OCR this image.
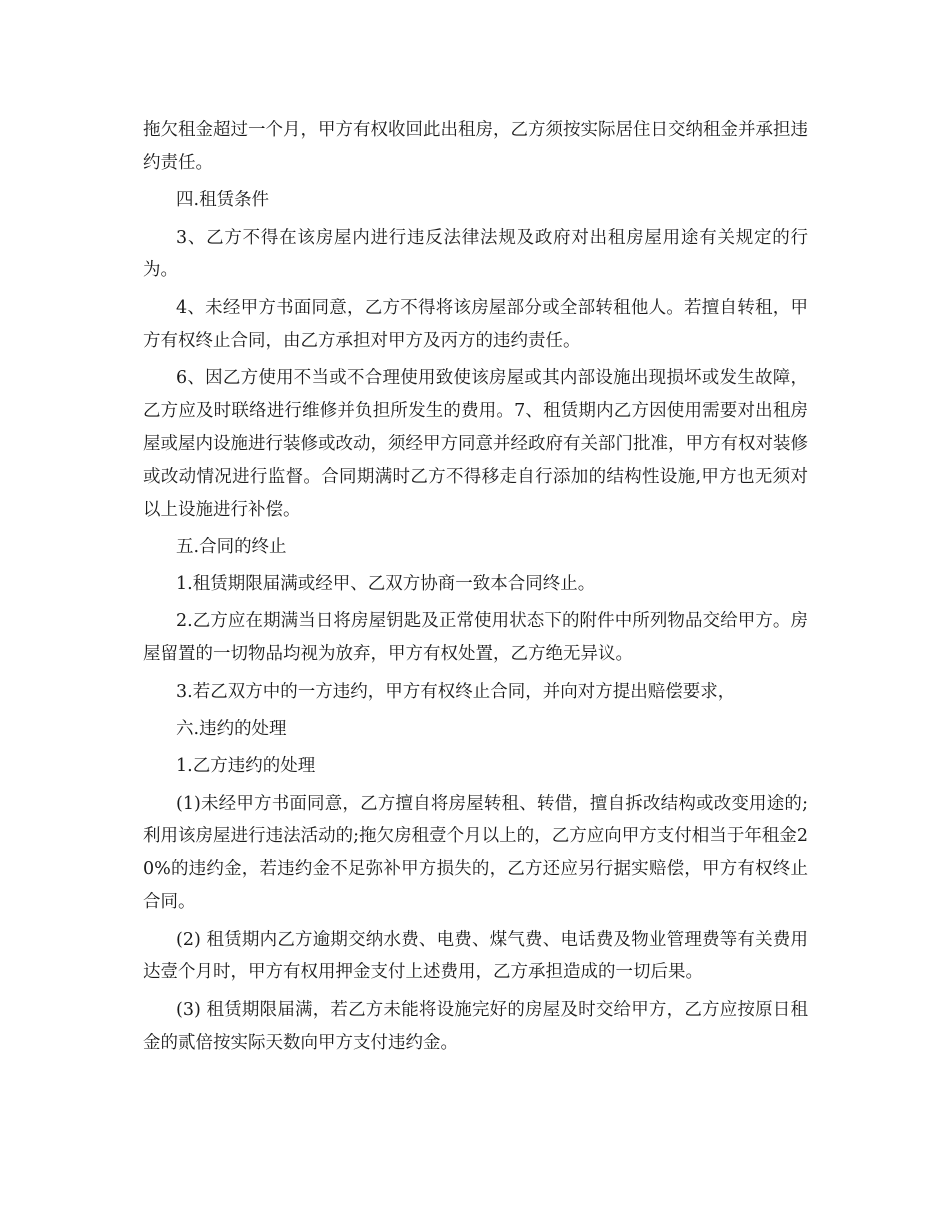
拖欠租金超过一个月，甲方有权收回此出租房，乙方须按实际居住日交纳租金并承担违约责任。

四.租赁条件

3、乙方不得在该房屋内进行违反法律法规及政府对出租房屋用途有关规定的行为。

4、未经甲方书面同意，乙方不得将该房屋部分或全部转租他人。若擅自转租，甲方有权终止合同，由乙方承担对甲方及丙方的违约责任。

6、因乙方使用不当或不合理使用致使该房屋或其内部设施出现损坏或发生故障，乙方应及时联络进行维修并负担所发生的费用。7、租赁期内乙方因使用需要对出租房屋或屋内设施进行装修或改动，须经甲方同意并经政府有关部门批准，甲方有权对装修或改动情况进行监督。合同期满时乙方不得移走自行添加的结构性设施,甲方也无须对以上设施进行补偿。

五.合同的终止

1.租赁期限届满或经甲、乙双方协商一致本合同终止。

2.乙方应在期满当日将房屋钥匙及正常使用状态下的附件中所列物品交给甲方。房屋留置的一切物品均视为放弃，甲方有权处置，乙方绝无异议。

3.若乙双方中的一方违约，甲方有权终止合同，并向对方提出赔偿要求，

六.违约的处理

1.乙方违约的处理

(1)未经甲方书面同意，乙方擅自将房屋转租、转借，擅自拆改结构或改变用途的;利用该房屋进行违法活动的;拖欠房租壹个月以上的，乙方应向甲方支付相当于年租金20%的违约金，若违约金不足弥补甲方损失的，乙方还应另行据实赔偿，甲方有权终止合同。

(2) 租赁期内乙方逾期交纳水费、电费、煤气费、电话费及物业管理费等有关费用达壹个月时，甲方有权用押金支付上述费用，乙方承担造成的一切后果。

(3) 租赁期限届满，若乙方未能将设施完好的房屋及时交给甲方，乙方应按原日租金的贰倍按实际天数向甲方支付违约金。
